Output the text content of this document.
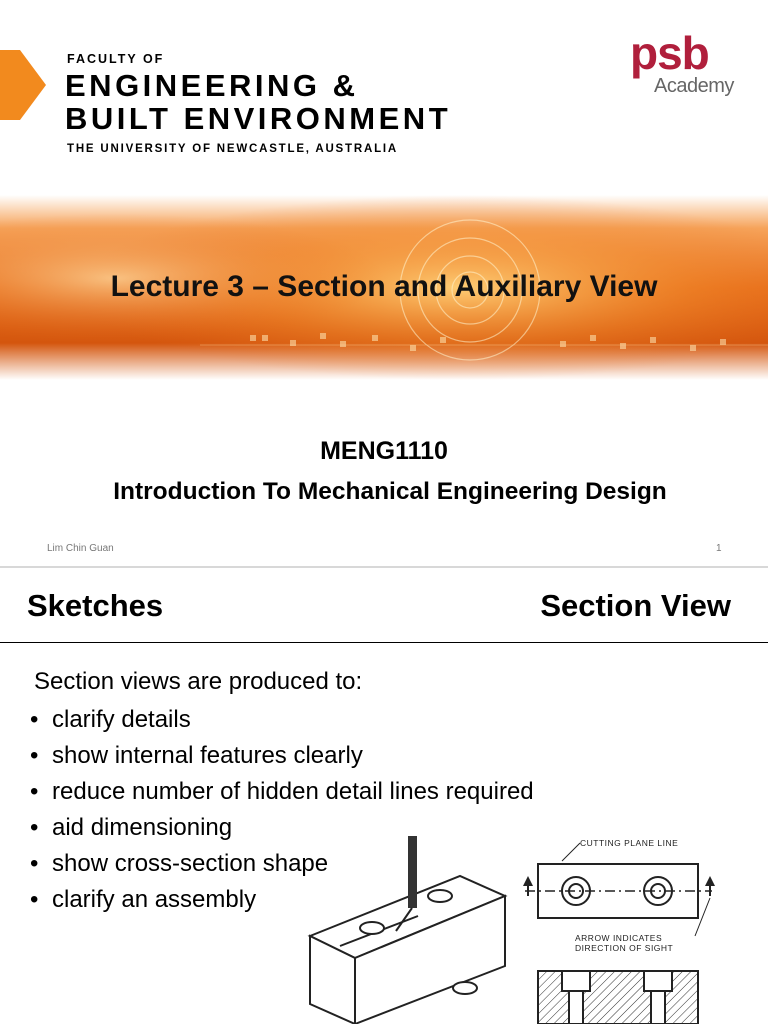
FACULTY OF
ENGINEERING &
BUILT ENVIRONMENT
THE UNIVERSITY OF NEWCASTLE, AUSTRALIA
psb
Academy
Lecture 3 – Section and Auxiliary View
MENG1110
Introduction To Mechanical Engineering Design
Lim Chin Guan	1
Sketches	Section View
Section views are produced to:
• clarify details
• show internal features clearly
• reduce number of hidden detail lines required
• aid dimensioning
• show cross-section shape
• clarify an assembly
CUTTING PLANE LINE
ARROW INDICATES
DIRECTION OF SIGHT
